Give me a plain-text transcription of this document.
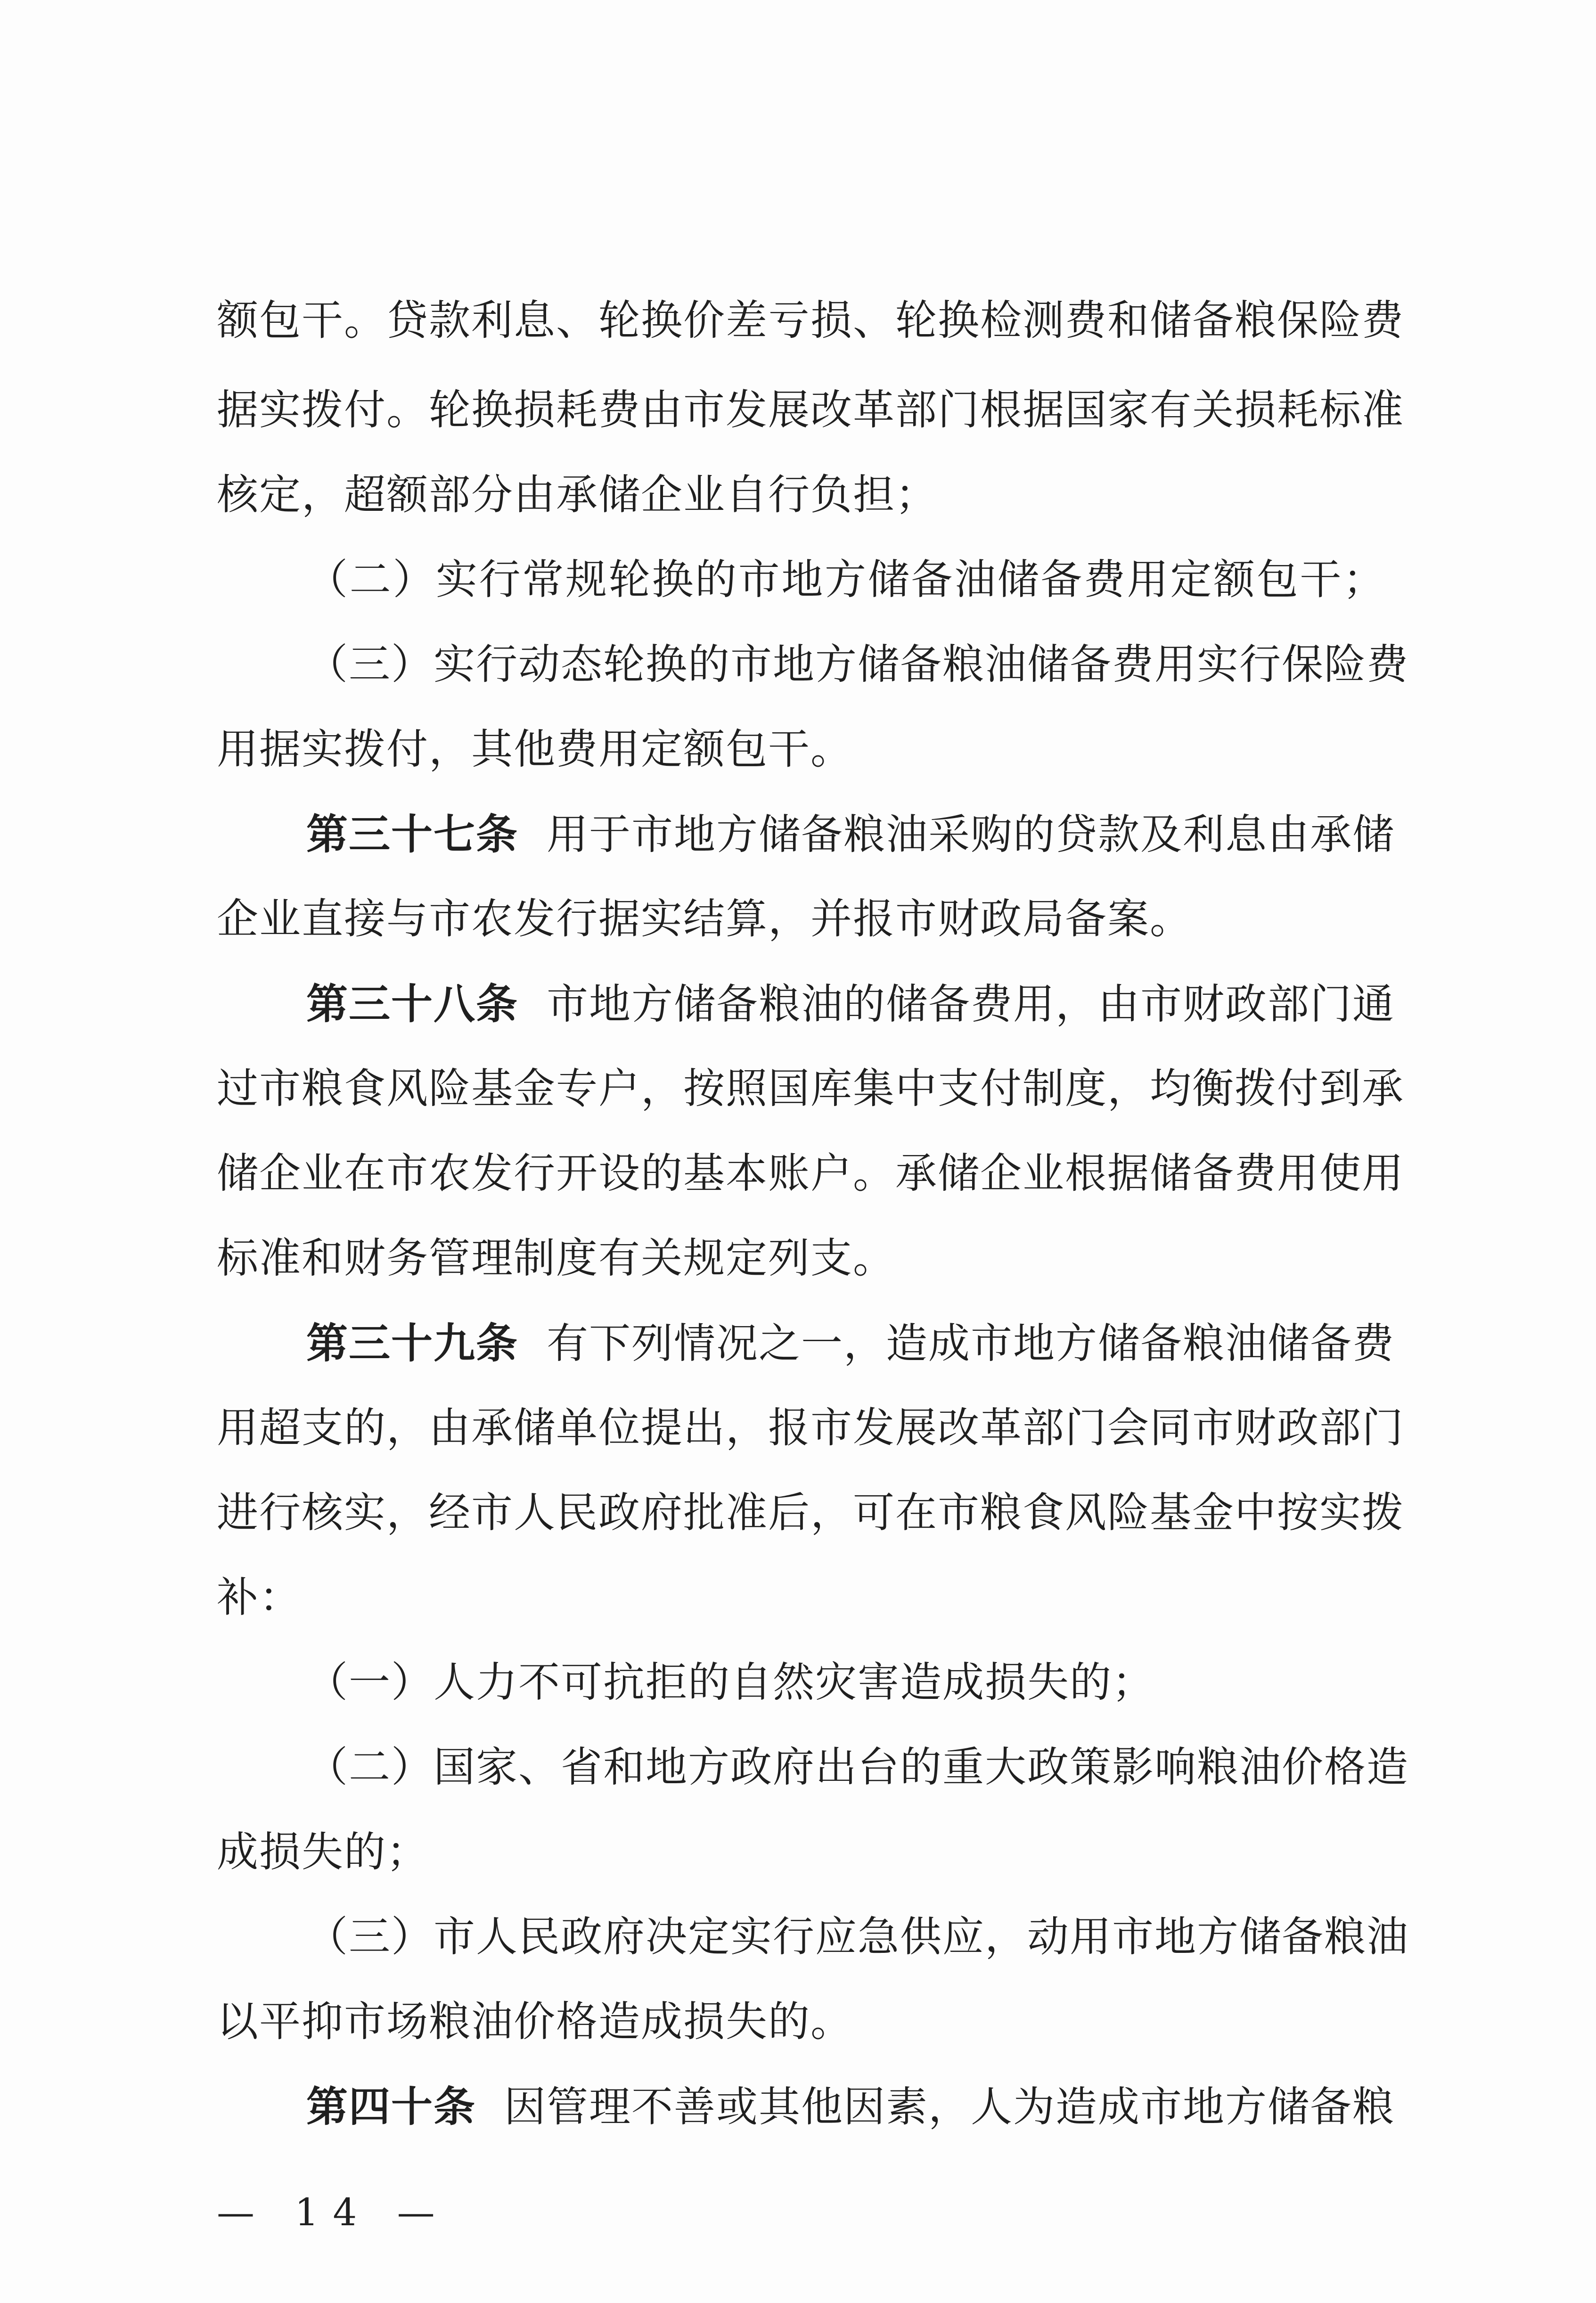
额包干。贷款利息、轮换价差亏损、轮换检测费和储备粮保险费
据实拨付。轮换损耗费由市发展改革部门根据国家有关损耗标准
核定，超额部分由承储企业自行负担；
（二）实行常规轮换的市地方储备油储备费用定额包干；
（三）实行动态轮换的市地方储备粮油储备费用实行保险费
用据实拨付，其他费用定额包干。
第三十七条 用于市地方储备粮油采购的贷款及利息由承储
企业直接与市农发行据实结算，并报市财政局备案。
第三十八条 市地方储备粮油的储备费用，由市财政部门通
过市粮食风险基金专户，按照国库集中支付制度，均衡拨付到承
储企业在市农发行开设的基本账户。承储企业根据储备费用使用
标准和财务管理制度有关规定列支。
第三十九条 有下列情况之一，造成市地方储备粮油储备费
用超支的，由承储单位提出，报市发展改革部门会同市财政部门
进行核实，经市人民政府批准后，可在市粮食风险基金中按实拨
补：
（一）人力不可抗拒的自然灾害造成损失的；
（二）国家、省和地方政府出台的重大政策影响粮油价格造
成损失的；
（三）市人民政府决定实行应急供应，动用市地方储备粮油
以平抑市场粮油价格造成损失的。
第四十条 因管理不善或其他因素，人为造成市地方储备粮
— 14 —
